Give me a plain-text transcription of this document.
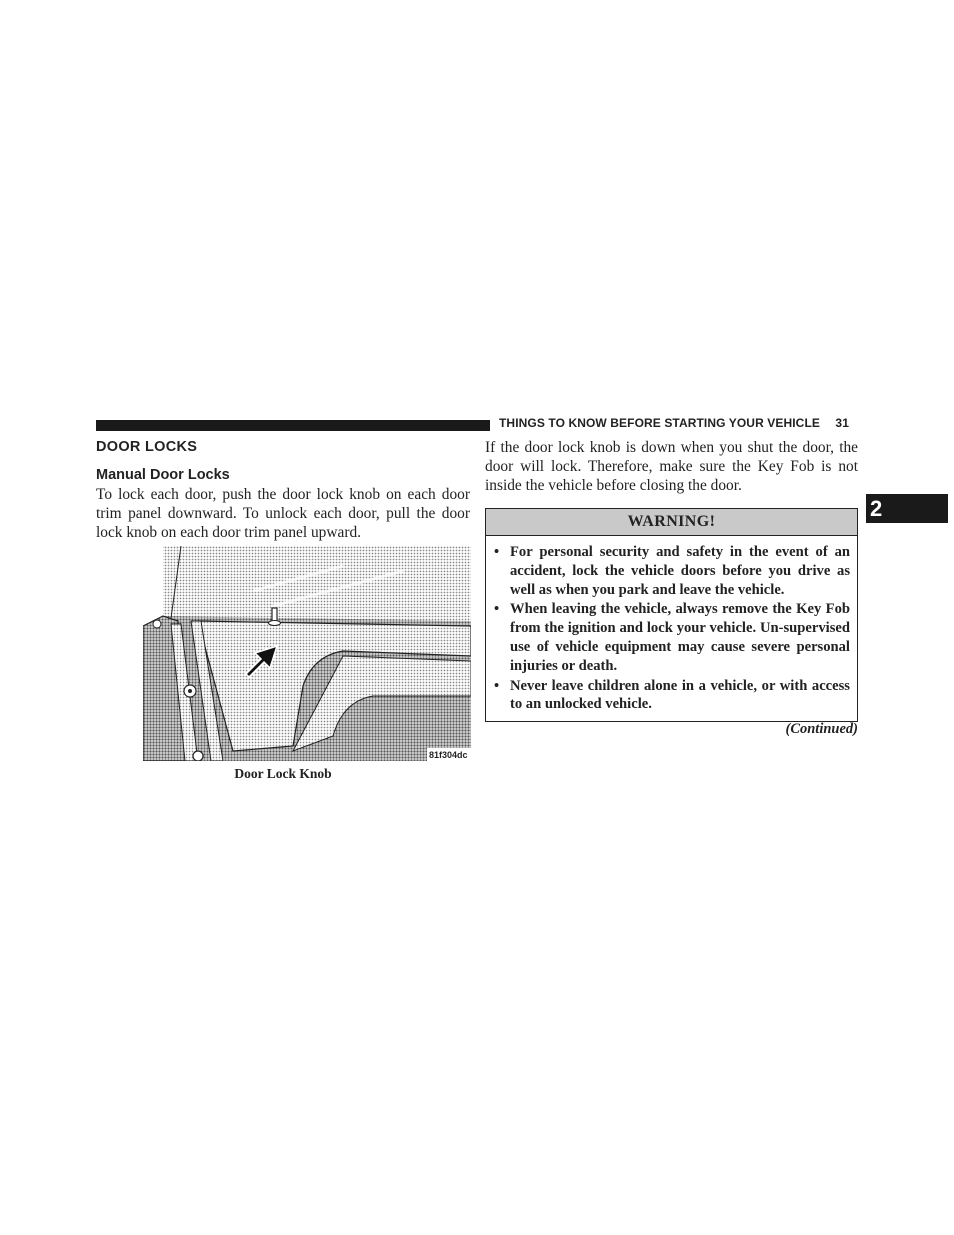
THINGS TO KNOW BEFORE STARTING YOUR VEHICLE 31
2
DOOR LOCKS
Manual Door Locks

To lock each door, push the door lock knob on each door trim panel downward. To unlock each door, pull the door lock knob on each door trim panel upward.

81f304dc
Door Lock Knob

If the door lock knob is down when you shut the door, the door will lock. Therefore, make sure the Key Fob is not inside the vehicle before closing the door.

WARNING!
• For personal security and safety in the event of an accident, lock the vehicle doors before you drive as well as when you park and leave the vehicle.
• When leaving the vehicle, always remove the Key Fob from the ignition and lock your vehicle. Un-supervised use of vehicle equipment may cause severe personal injuries or death.
• Never leave children alone in a vehicle, or with access to an unlocked vehicle.
(Continued)
